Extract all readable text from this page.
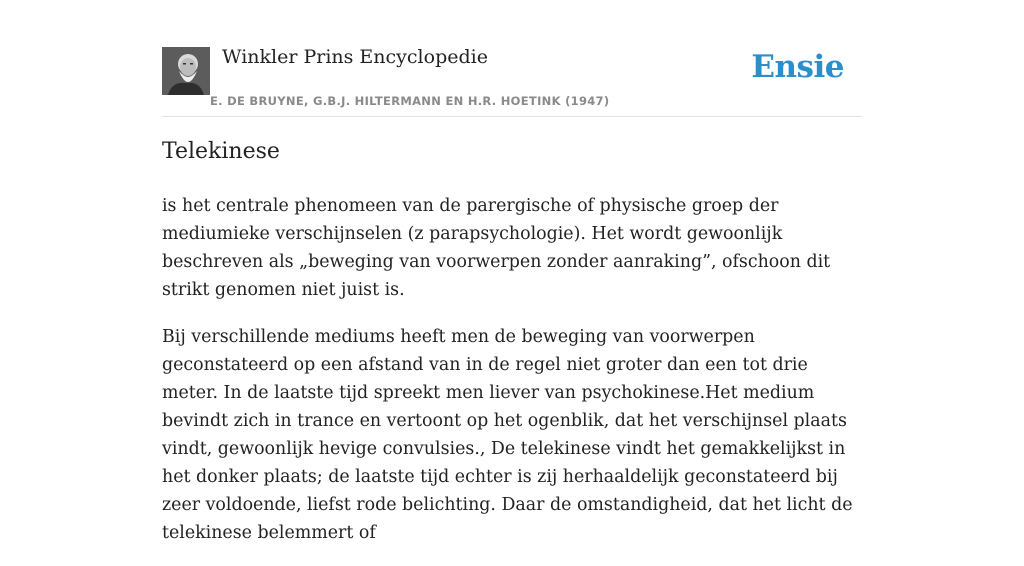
Winkler Prins Encyclopedie
E. DE BRUYNE, G.B.J. HILTERMANN EN H.R. HOETINK (1947)
Ensie
Telekinese

is het centrale phenomeen van de parergische of physische groep der mediumieke verschijnselen (z parapsychologie). Het wordt gewoonlijk beschreven als „beweging van voorwerpen zonder aanraking”, ofschoon dit strikt genomen niet juist is.

Bij verschillende mediums heeft men de beweging van voorwerpen geconstateerd op een afstand van in de regel niet groter dan een tot drie meter. In de laatste tijd spreekt men liever van psychokinese.Het medium bevindt zich in trance en vertoont op het ogenblik, dat het verschijnsel plaats vindt, gewoonlijk hevige convulsies., De telekinese vindt het gemakkelijkst in het donker plaats; de laatste tijd echter is zij herhaaldelijk geconstateerd bij zeer voldoende, liefst rode belichting. Daar de omstandigheid, dat het licht de telekinese belemmert of
